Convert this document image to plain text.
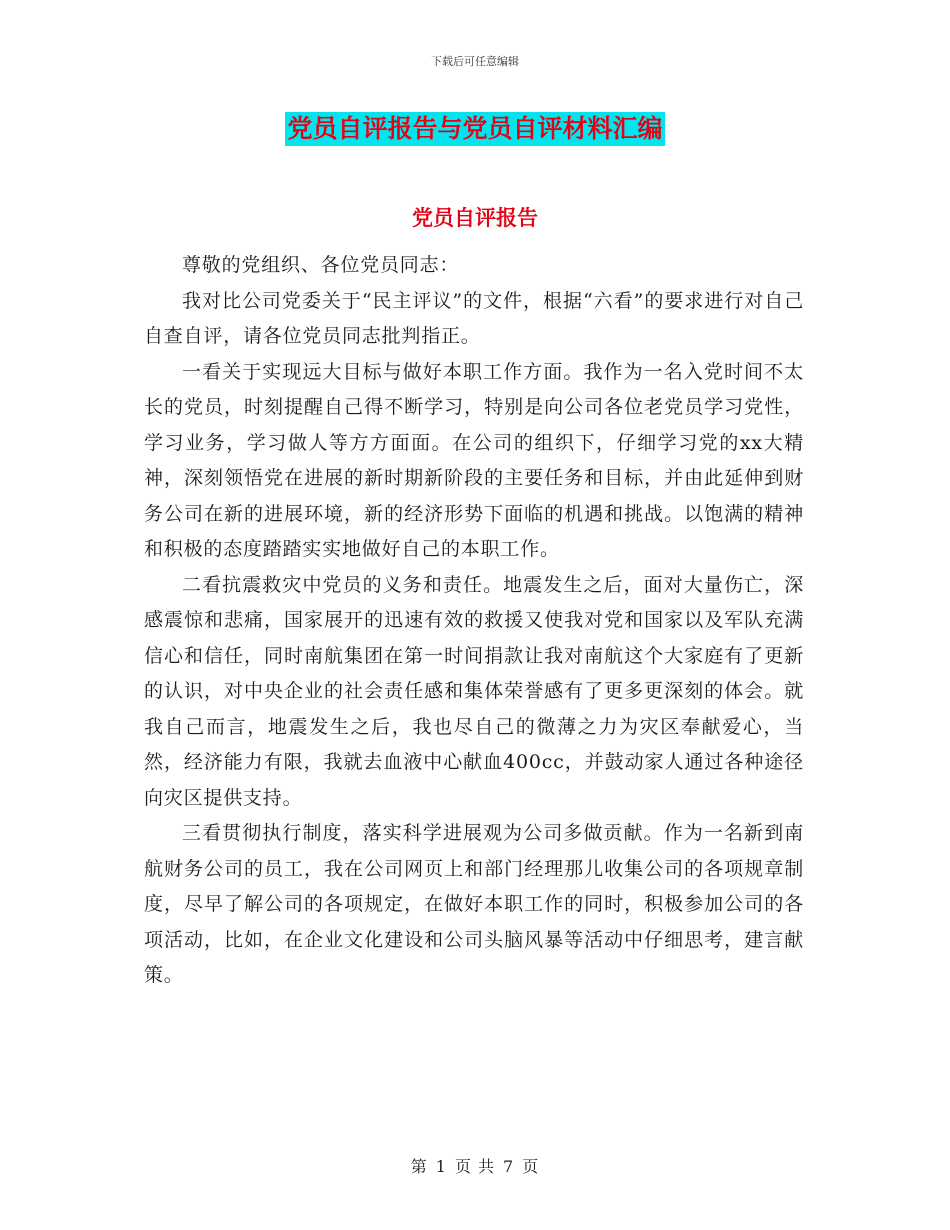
下载后可任意编辑
党员自评报告与党员自评材料汇编
党员自评报告

尊敬的党组织、各位党员同志：

我对比公司党委关于“民主评议”的文件，根据“六看”的要求进行对自己自查自评，请各位党员同志批判指正。

一看关于实现远大目标与做好本职工作方面。我作为一名入党时间不太长的党员，时刻提醒自己得不断学习，特别是向公司各位老党员学习党性，学习业务，学习做人等方方面面。在公司的组织下，仔细学习党的xx大精神，深刻领悟党在进展的新时期新阶段的主要任务和目标，并由此延伸到财务公司在新的进展环境，新的经济形势下面临的机遇和挑战。以饱满的精神和积极的态度踏踏实实地做好自己的本职工作。

二看抗震救灾中党员的义务和责任。地震发生之后，面对大量伤亡，深感震惊和悲痛，国家展开的迅速有效的救援又使我对党和国家以及军队充满信心和信任，同时南航集团在第一时间捐款让我对南航这个大家庭有了更新的认识，对中央企业的社会责任感和集体荣誉感有了更多更深刻的体会。就我自己而言，地震发生之后，我也尽自己的微薄之力为灾区奉献爱心，当然，经济能力有限，我就去血液中心献血400cc，并鼓动家人通过各种途径向灾区提供支持。

三看贯彻执行制度，落实科学进展观为公司多做贡献。作为一名新到南航财务公司的员工，我在公司网页上和部门经理那儿收集公司的各项规章制度，尽早了解公司的各项规定，在做好本职工作的同时，积极参加公司的各项活动，比如，在企业文化建设和公司头脑风暴等活动中仔细思考，建言献策。

第 1 页 共 7 页
